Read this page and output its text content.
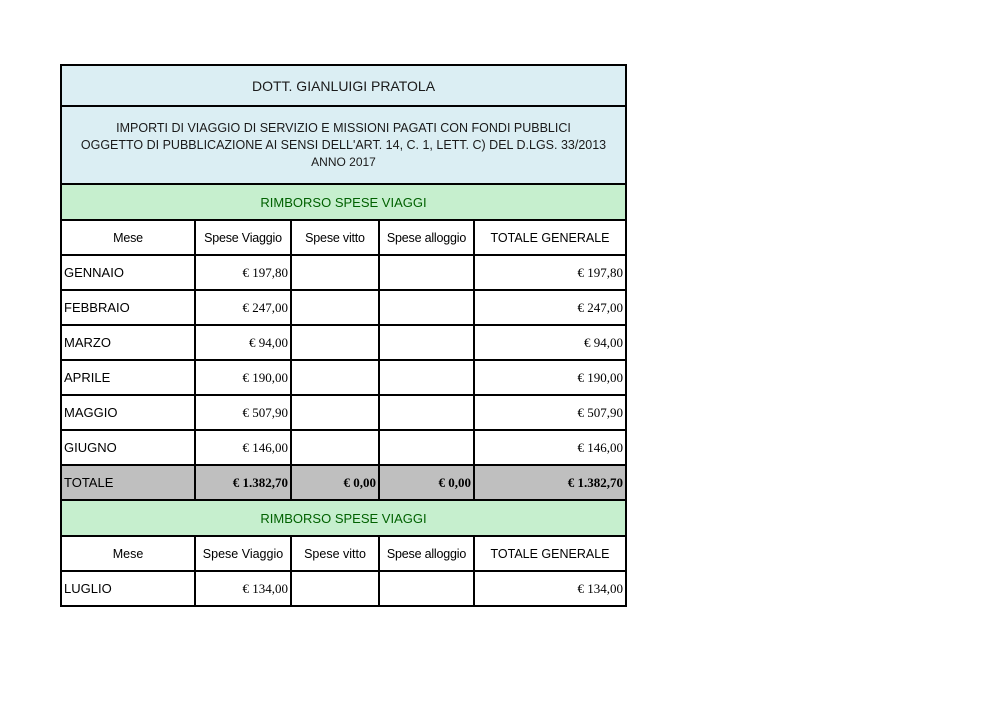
DOTT. GIANLUIGI PRATOLA				

IMPORTI DI VIAGGIO DI SERVIZIO E MISSIONI PAGATI CON FONDI PUBBLICI
OGGETTO DI PUBBLICAZIONE AI SENSI DELL'ART. 14, C. 1, LETT. C) DEL D.LGS. 33/2013
ANNO 2017				

RIMBORSO SPESE VIAGGI				
Mese	Spese Viaggio	Spese vitto	Spese alloggio	TOTALE GENERALE
GENNAIO	€ 197,80			€ 197,80
FEBBRAIO	€ 247,00			€ 247,00
MARZO	€ 94,00			€ 94,00
APRILE	€ 190,00			€ 190,00
MAGGIO	€ 507,90			€ 507,90
GIUGNO	€ 146,00			€ 146,00
TOTALE	€ 1.382,70	€ 0,00	€ 0,00	€ 1.382,70
RIMBORSO SPESE VIAGGI				
Mese	Spese Viaggio	Spese vitto	Spese alloggio	TOTALE GENERALE
LUGLIO	€ 134,00			€ 134,00
